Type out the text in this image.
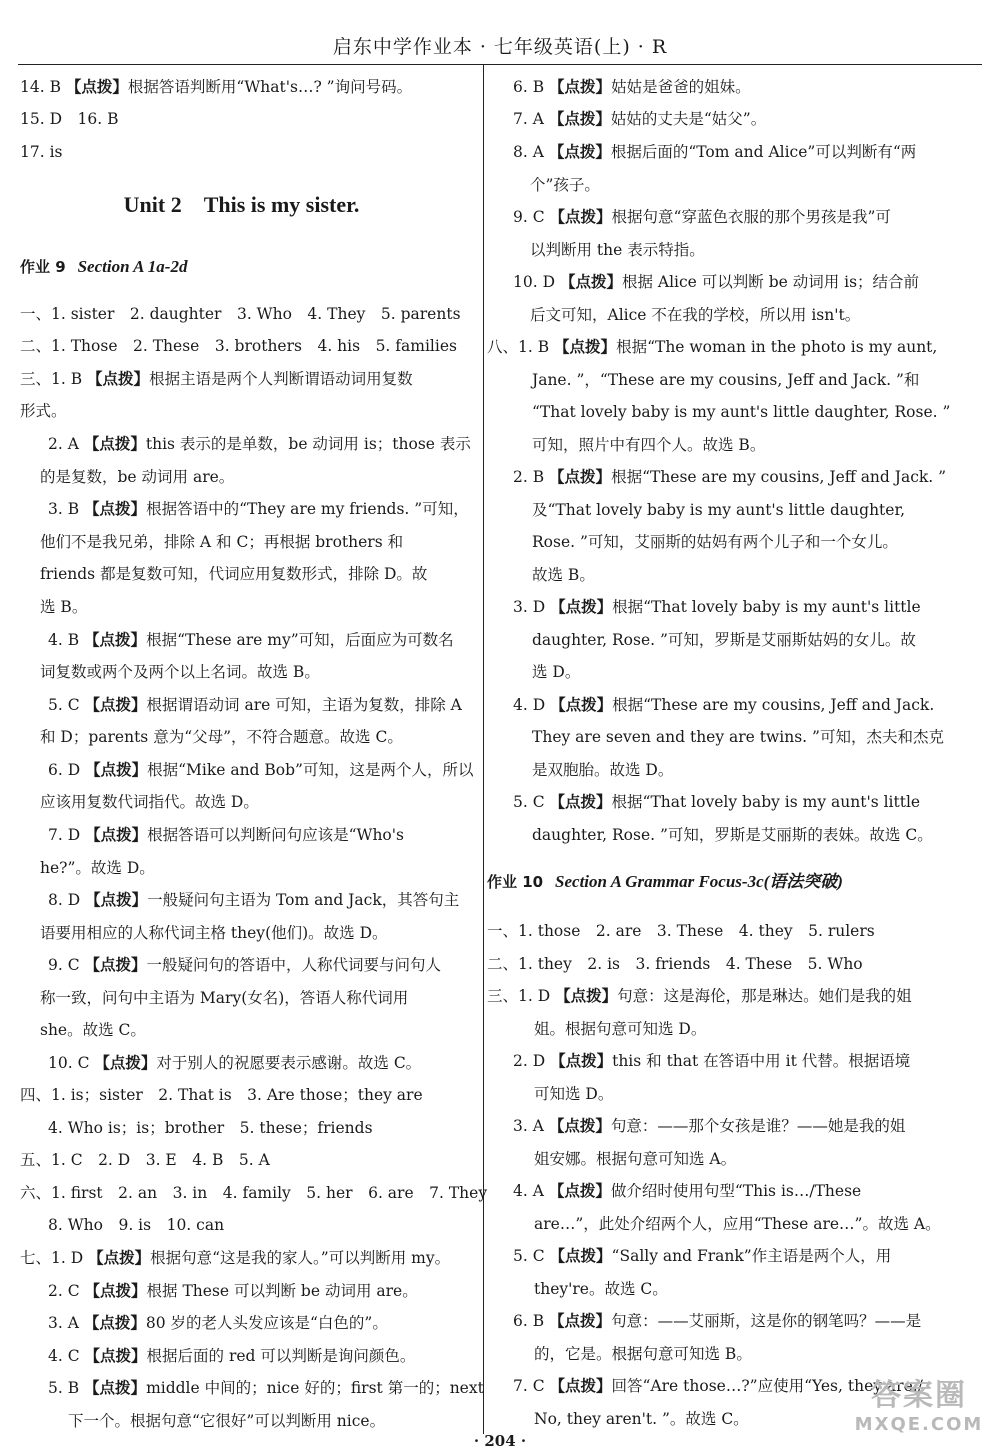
启东中学作业本 · 七年级英语(上) · R
Unit 2　This is my sister.
作业 9 Section A 1a-2d
作业 10 Section A Grammar Focus-3c(语法突破)
14. B 【点拨】根据答语判断用“What's…? ”询问号码。
15. D　16. B
17. is
一、1. sister　2. daughter　3. Who　4. They　5. parents
二、1. Those　2. These　3. brothers　4. his　5. families
三、1. B 【点拨】根据主语是两个人判断谓语动词用复数
形式。
2. A 【点拨】this 表示的是单数，be 动词用 is；those 表示
的是复数，be 动词用 are。
3. B 【点拨】根据答语中的“They are my friends. ”可知，
他们不是我兄弟，排除 A 和 C；再根据 brothers 和
friends 都是复数可知，代词应用复数形式，排除 D。故
选 B。
4. B 【点拨】根据“These are my”可知，后面应为可数名
词复数或两个及两个以上名词。故选 B。
5. C 【点拨】根据谓语动词 are 可知，主语为复数，排除 A
和 D；parents 意为“父母”，不符合题意。故选 C。
6. D 【点拨】根据“Mike and Bob”可知，这是两个人，所以
应该用复数代词指代。故选 D。
7. D 【点拨】根据答语可以判断问句应该是“Who's
he?”。故选 D。
8. D 【点拨】一般疑问句主语为 Tom and Jack，其答句主
语要用相应的人称代词主格 they(他们)。故选 D。
9. C 【点拨】一般疑问句的答语中，人称代词要与问句人
称一致，问句中主语为 Mary(女名)，答语人称代词用
she。故选 C。
10. C 【点拨】对于别人的祝愿要表示感谢。故选 C。
四、1. is；sister　2. That is　3. Are those；they are
4. Who is；is；brother　5. these；friends
五、1. C　2. D　3. E　4. B　5. A
六、1. first　2. an　3. in　4. family　5. her　6. are　7. They
8. Who　9. is　10. can
七、1. D 【点拨】根据句意“这是我的家人。”可以判断用 my。
2. C 【点拨】根据 These 可以判断 be 动词用 are。
3. A 【点拨】80 岁的老人头发应该是“白色的”。
4. C 【点拨】根据后面的 red 可以判断是询问颜色。
5. B 【点拨】middle 中间的；nice 好的；first 第一的；next
下一个。根据句意“它很好”可以判断用 nice。
6. B 【点拨】姑姑是爸爸的姐妹。
7. A 【点拨】姑姑的丈夫是“姑父”。
8. A 【点拨】根据后面的“Tom and Alice”可以判断有“两
个”孩子。
9. C 【点拨】根据句意“穿蓝色衣服的那个男孩是我”可
以判断用 the 表示特指。
10. D 【点拨】根据 Alice 可以判断 be 动词用 is；结合前
后文可知，Alice 不在我的学校，所以用 isn't。
八、1. B 【点拨】根据“The woman in the photo is my aunt,
Jane. ”，“These are my cousins, Jeff and Jack. ”和
“That lovely baby is my aunt's little daughter, Rose. ”
可知，照片中有四个人。故选 B。
2. B 【点拨】根据“These are my cousins, Jeff and Jack. ”
及“That lovely baby is my aunt's little daughter,
Rose. ”可知，艾丽斯的姑妈有两个儿子和一个女儿。
故选 B。
3. D 【点拨】根据“That lovely baby is my aunt's little
daughter, Rose. ”可知，罗斯是艾丽斯姑妈的女儿。故
选 D。
4. D 【点拨】根据“These are my cousins, Jeff and Jack.
They are seven and they are twins. ”可知，杰夫和杰克
是双胞胎。故选 D。
5. C 【点拨】根据“That lovely baby is my aunt's little
daughter, Rose. ”可知，罗斯是艾丽斯的表妹。故选 C。
一、1. those　2. are　3. These　4. they　5. rulers
二、1. they　2. is　3. friends　4. These　5. Who
三、1. D 【点拨】句意：这是海伦，那是琳达。她们是我的姐
姐。根据句意可知选 D。
2. D 【点拨】this 和 that 在答语中用 it 代替。根据语境
可知选 D。
3. A 【点拨】句意：——那个女孩是谁？——她是我的姐
姐安娜。根据句意可知选 A。
4. A 【点拨】做介绍时使用句型“This is…/These
are…”，此处介绍两个人，应用“These are…”。故选 A。
5. C 【点拨】“Sally and Frank”作主语是两个人，用
they're。故选 C。
6. B 【点拨】句意：——艾丽斯，这是你的钢笔吗？——是
的，它是。根据句意可知选 B。
7. C 【点拨】回答“Are those…?”应使用“Yes, they are./
No, they aren't. ”。故选 C。
· 204 ·
答案圈
MXQE.COM
